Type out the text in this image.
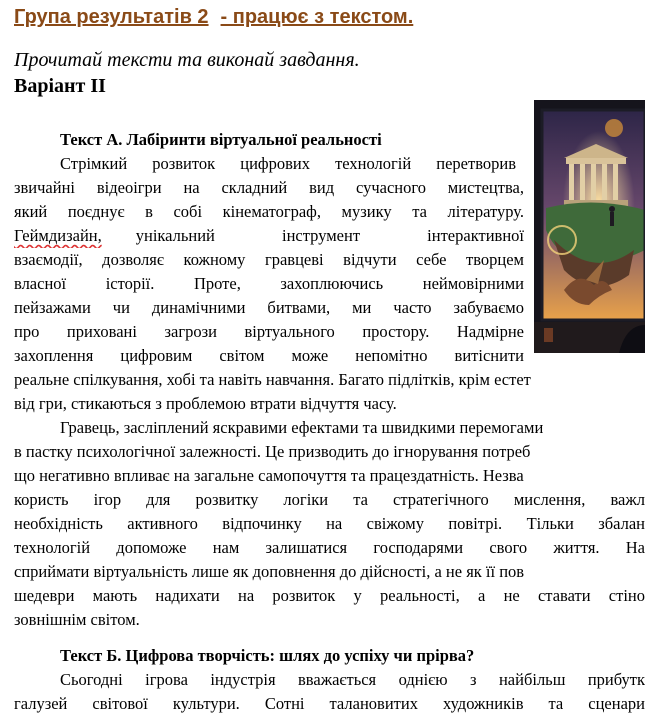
Група результатів 2 - працює з текстом.

Прочитай тексти та виконай завдання.

Варіант ІІ

Текст А. Лабіринти віртуальної реальності
Стрімкий розвиток цифрових технологій перетворив
звичайні відеоігри на складний вид сучасного мистецтва,
який поєднує в собі кінематограф, музику та літературу.
Геймдизайн, унікальний інструмент інтерактивної
взаємодії, дозволяє кожному гравцеві відчути себе творцем
власної історії. Проте, захоплюючись неймовірними
пейзажами чи динамічними битвами, ми часто забуваємо
про приховані загрози віртуального простору. Надмірне
захоплення цифровим світом може непомітно витіснити
реальне спілкування, хобі та навіть навчання. Багато підлітків, крім естет
від гри, стикаються з проблемою втрати відчуття часу.
Гравець, засліплений яскравими ефектами та швидкими перемогами
в пастку психологічної залежності. Це призводить до ігнорування потреб
що негативно впливає на загальне самопочуття та працездатність. Незва
користь ігор для розвитку логіки та стратегічного мислення, важл
необхідність активного відпочинку на свіжому повітрі. Тільки збалан
технологій допоможе нам залишатися господарями свого життя. На
сприймати віртуальність лише як доповнення до дійсності, а не як її пов
шедеври мають надихати на розвиток у реальності, а не ставати стіно
зовнішнім світом.
Текст Б. Цифрова творчість: шлях до успіху чи прірва?
Сьогодні ігрова індустрія вважається однією з найбільш прибутк
галузей світової культури. Сотні талановитих художників та сценари
